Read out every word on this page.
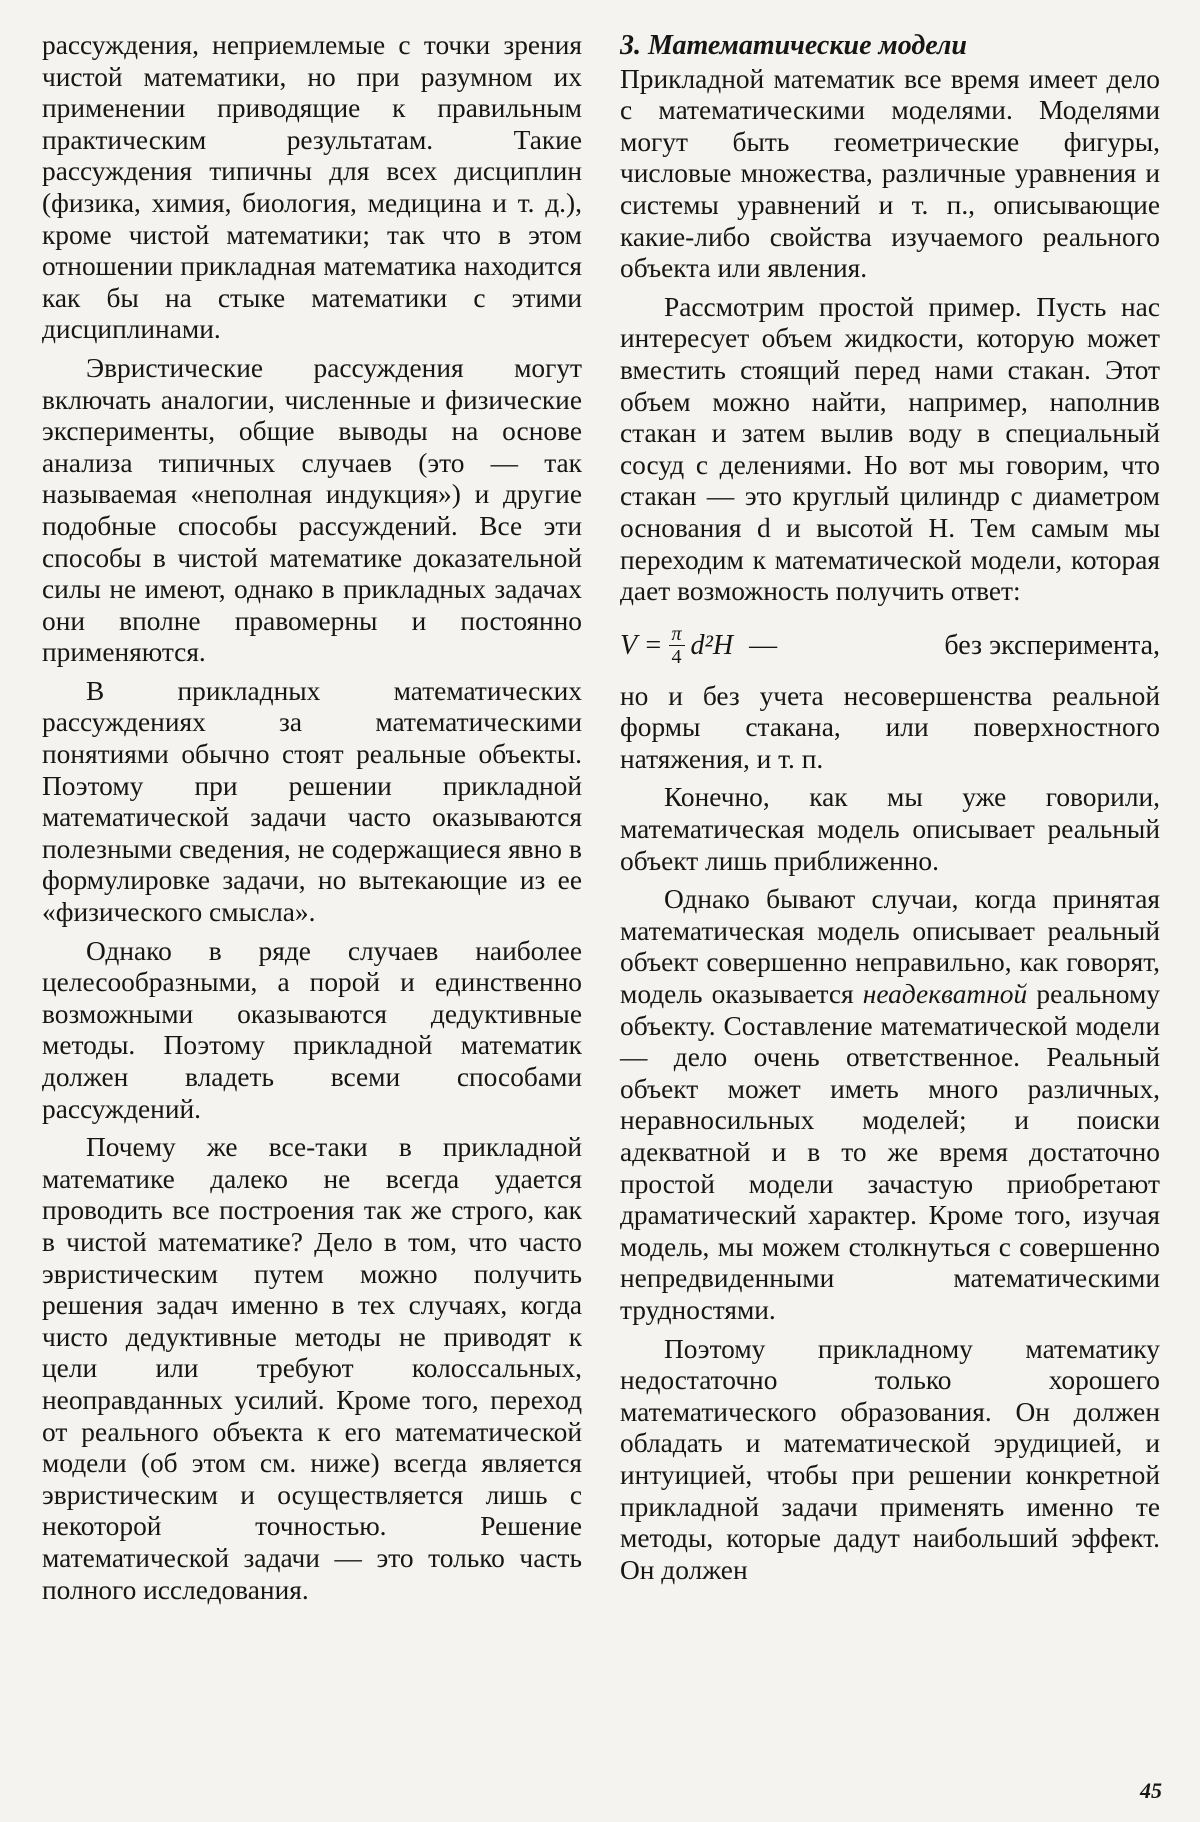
рассуждения, неприемлемые с точки зрения чистой математики, но при разумном их применении приводящие к правильным практическим результатам. Такие рассуждения типичны для всех дисциплин (физика, химия, биология, медицина и т. д.), кроме чистой математики; так что в этом отношении прикладная математика находится как бы на стыке математики с этими дисциплинами.

Эвристические рассуждения могут включать аналогии, численные и физические эксперименты, общие выводы на основе анализа типичных случаев (это — так называемая «неполная индукция») и другие подобные способы рассуждений. Все эти способы в чистой математике доказательной силы не имеют, однако в прикладных задачах они вполне правомерны и постоянно применяются.

В прикладных математических рассуждениях за математическими понятиями обычно стоят реальные объекты. Поэтому при решении прикладной математической задачи часто оказываются полезными сведения, не содержащиеся явно в формулировке задачи, но вытекающие из ее «физического смысла».

Однако в ряде случаев наиболее целесообразными, а порой и единственно возможными оказываются дедуктивные методы. Поэтому прикладной математик должен владеть всеми способами рассуждений.

Почему же все-таки в прикладной математике далеко не всегда удается проводить все построения так же строго, как в чистой математике? Дело в том, что часто эвристическим путем можно получить решения задач именно в тех случаях, когда чисто дедуктивные методы не приводят к цели или требуют колоссальных, неоправданных усилий. Кроме того, переход от реального объекта к его математической модели (об этом см. ниже) всегда является эвристическим и осуществляется лишь с некоторой точностью. Решение математической задачи — это только часть полного исследования.

3. Математические модели

Прикладной математик все время имеет дело с математическими моделями. Моделями могут быть геометрические фигуры, числовые множества, различные уравнения и системы уравнений и т. п., описывающие какие-либо свойства изучаемого реального объекта или явления.

Рассмотрим простой пример. Пусть нас интересует объем жидкости, которую может вместить стоящий перед нами стакан. Этот объем можно найти, например, наполнив стакан и затем вылив воду в специальный сосуд с делениями. Но вот мы говорим, что стакан — это круглый цилиндр с диаметром основания d и высотой H. Тем самым мы переходим к математической модели, которая дает возможность получить ответ:

$V = \frac{\pi}{4} d^2H$ —	без эксперимента,

но и без учета несовершенства реальной формы стакана, или поверхностного натяжения, и т. п.

Конечно, как мы уже говорили, математическая модель описывает реальный объект лишь приближенно.

Однако бывают случаи, когда принятая математическая модель описывает реальный объект совершенно неправильно, как говорят, модель оказывается неадекватной реальному объекту. Составление математической модели — дело очень ответственное. Реальный объект может иметь много различных, неравносильных моделей; и поиски адекватной и в то же время достаточно простой модели зачастую приобретают драматический характер. Кроме того, изучая модель, мы можем столкнуться с совершенно непредвиденными математическими трудностями.

Поэтому прикладному математику недостаточно только хорошего математического образования. Он должен обладать и математической эрудицией, и интуицией, чтобы при решении конкретной прикладной задачи применять именно те методы, которые дадут наибольший эффект. Он должен

45
